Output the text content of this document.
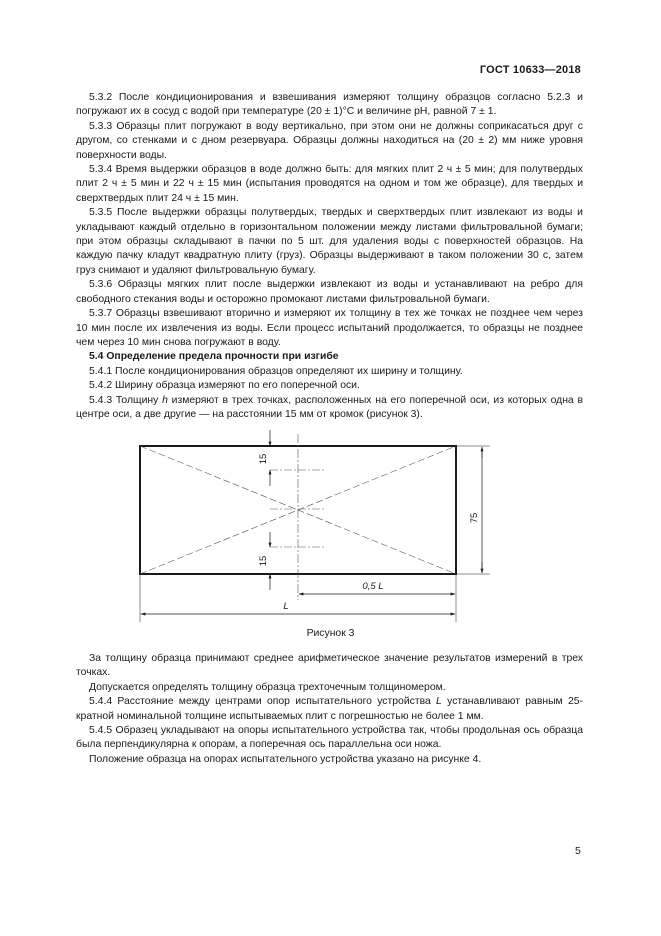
ГОСТ 10633—2018

5.3.2 После кондиционирования и взвешивания измеряют толщину образцов согласно 5.2.3 и погружают их в сосуд с водой при температуре (20 ± 1)°С и величине pH, равной 7 ± 1.

5.3.3 Образцы плит погружают в воду вертикально, при этом они не должны соприкасаться друг с другом, со стенками и с дном резервуара. Образцы должны находиться на (20 ± 2) мм ниже уровня поверхности воды.

5.3.4 Время выдержки образцов в воде должно быть: для мягких плит 2 ч ± 5 мин; для полутвердых плит 2 ч ± 5 мин и 22 ч ± 15 мин (испытания проводятся на одном и том же образце), для твердых и сверхтвердых плит 24 ч ± 15 мин.

5.3.5 После выдержки образцы полутвердых, твердых и сверхтвердых плит извлекают из воды и укладывают каждый отдельно в горизонтальном положении между листами фильтровальной бумаги; при этом образцы складывают в пачки по 5 шт. для удаления воды с поверхностей образцов. На каждую пачку кладут квадратную плиту (груз). Образцы выдерживают в таком положении 30 с, затем груз снимают и удаляют фильтровальную бумагу.

5.3.6 Образцы мягких плит после выдержки извлекают из воды и устанавливают на ребро для свободного стекания воды и осторожно промокают листами фильтровальной бумаги.

5.3.7 Образцы взвешивают вторично и измеряют их толщину в тех же точках не позднее чем через 10 мин после их извлечения из воды. Если процесс испытаний продолжается, то образцы не позднее чем через 10 мин снова погружают в воду.

5.4 Определение предела прочности при изгибе

5.4.1 После кондиционирования образцов определяют их ширину и толщину.

5.4.2 Ширину образца измеряют по его поперечной оси.

5.4.3 Толщину h измеряют в трех точках, расположенных на его поперечной оси, из которых одна в центре оси, а две другие — на расстоянии 15 мм от кромок (рисунок 3).

15
15
75
0,5 L
L
Рисунок 3

За толщину образца принимают среднее арифметическое значение результатов измерений в трех точках.

Допускается определять толщину образца трехточечным толщиномером.

5.4.4 Расстояние между центрами опор испытательного устройства L устанавливают равным 25-кратной номинальной толщине испытываемых плит с погрешностью не более 1 мм.

5.4.5 Образец укладывают на опоры испытательного устройства так, чтобы продольная ось образца была перпендикулярна к опорам, а поперечная ось параллельна оси ножа.

Положение образца на опорах испытательного устройства указано на рисунке 4.

5
